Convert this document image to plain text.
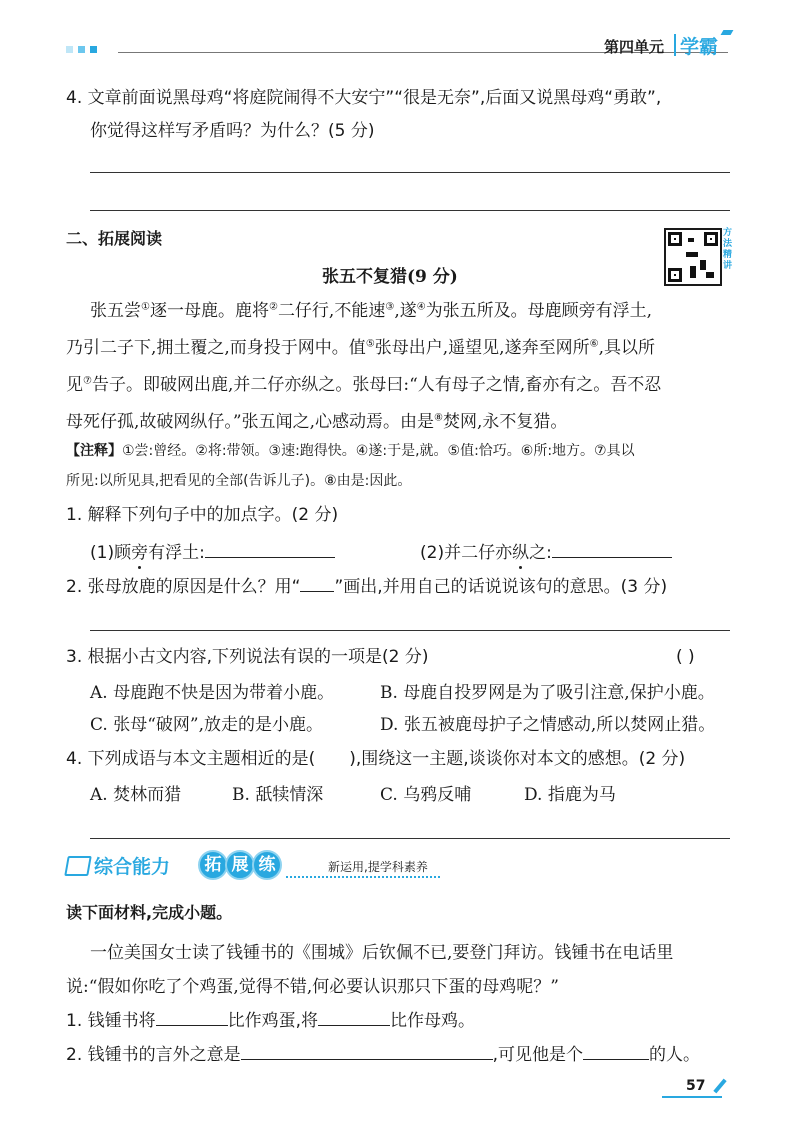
第四单元 学霸
4. 文章前面说黑母鸡“将庭院闹得不大安宁”“很是无奈”,后面又说黑母鸡“勇敢”,
你觉得这样写矛盾吗？为什么？(5 分)
二、拓展阅读	方法精讲
张五不复猎(9 分)
张五尝①逐一母鹿。鹿将②二仔行,不能速③,遂④为张五所及。母鹿顾旁有浮土,
乃引二子下,拥土覆之,而身投于网中。值⑤张母出户,遥望见,遂奔至网所⑥,具以所
见⑦告子。即破网出鹿,并二仔亦纵之。张母曰:“人有母子之情,畜亦有之。吾不忍
母死仔孤,故破网纵仔。”张五闻之,心感动焉。由是⑧焚网,永不复猎。
【注释】①尝:曾经。②将:带领。③速:跑得快。④遂:于是,就。⑤值:恰巧。⑥所:地方。⑦具以
所见:以所见具,把看见的全部(告诉儿子)。⑧由是:因此。
1. 解释下列句子中的加点字。(2 分)
(1)顾旁有浮土:	(2)并二仔亦纵之:
2. 张母放鹿的原因是什么？用“ ”画出,并用自己的话说说该句的意思。(3 分)
3. 根据小古文内容,下列说法有误的一项是(2 分)	( )
A. 母鹿跑不快是因为带着小鹿。	B. 母鹿自投罗网是为了吸引注意,保护小鹿。
C. 张母“破网”,放走的是小鹿。	D. 张五被鹿母护子之情感动,所以焚网止猎。
4. 下列成语与本文主题相近的是( ),围绕这一主题,谈谈你对本文的感想。(2 分)
A. 焚林而猎	B. 舐犊情深	C. 乌鸦反哺	D. 指鹿为马
综合能力	拓 展 练	新运用,提学科素养
读下面材料,完成小题。
一位美国女士读了钱锺书的《围城》后钦佩不已,要登门拜访。钱锺书在电话里
说:“假如你吃了个鸡蛋,觉得不错,何必要认识那只下蛋的母鸡呢？”
1. 钱锺书将	比作鸡蛋,将	比作母鸡。
2. 钱锺书的言外之意是	,可见他是个	的人。
57
